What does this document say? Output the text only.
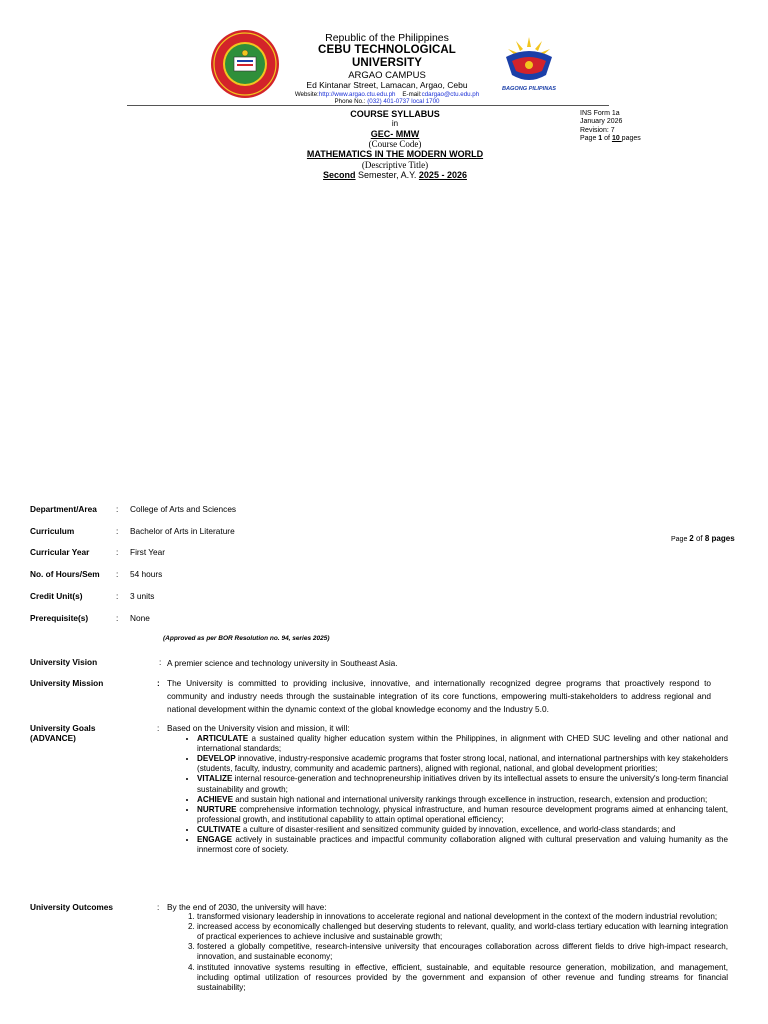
Republic of the Philippines
CEBU TECHNOLOGICAL UNIVERSITY
ARGAO CAMPUS
Ed Kintanar Street, Lamacan, Argao, Cebu
Website:http://www.argao.ctu.edu.ph E-mail:cdargao@ctu.edu.ph
Phone No.: (032) 401-0737 local 1700
BAGONG PILIPINAS
COURSE SYLLABUS
in
GEC- MMW
(Course Code)
MATHEMATICS IN THE MODERN WORLD
(Descriptive Title)
Second Semester, A.Y. 2025 - 2026
INS Form 1a
January 2026
Revision: 7
Page 1 of 10 pages
Page 2 of 8 pages
Department/Area : College of Arts and Sciences
Curriculum	: Bachelor of Arts in Literature
Curricular Year	: First Year
No. of Hours/Sem : 54 hours
Credit Unit(s)	: 3 units
Prerequisite(s)	: None
(Approved as per BOR Resolution no. 94, series 2025)
University Vision	: A premier science and technology university in Southeast Asia.
University Mission	: The University is committed to providing inclusive, innovative, and internationally recognized degree programs that proactively respond to community and industry needs through the sustainable integration of its core functions, empowering multi-stakeholders to address regional and national development within the dynamic context of the global knowledge economy and the Industry 5.0.
University Goals
(ADVANCE)
: Based on the University vision and mission, it will:
• ARTICULATE a sustained quality higher education system within the Philippines, in alignment with CHED SUC leveling and other national and international standards;
• DEVELOP innovative, industry-responsive academic programs that foster strong local, national, and international partnerships with key stakeholders (students, faculty, industry, community and academic partners), aligned with regional, national, and global development priorities;
• VITALIZE internal resource-generation and technopreneurship initiatives driven by its intellectual assets to ensure the university's long-term financial sustainability and growth;
• ACHIEVE and sustain high national and international university rankings through excellence in instruction, research, extension and production;
• NURTURE comprehensive information technology, physical infrastructure, and human resource development programs aimed at enhancing talent, professional growth, and institutional capability to attain optimal operational efficiency;
• CULTIVATE a culture of disaster-resilient and sensitized community guided by innovation, excellence, and world-class standards; and
• ENGAGE actively in sustainable practices and impactful community collaboration aligned with cultural preservation and valuing humanity as the innermost core of society.
University Outcomes	: By the end of 2030, the university will have:
1. transformed visionary leadership in innovations to accelerate regional and national development in the context of the modern industrial revolution;
2. increased access by economically challenged but deserving students to relevant, quality, and world-class tertiary education with learning integration of practical experiences to achieve inclusive and sustainable growth;
3. fostered a globally competitive, research-intensive university that encourages collaboration across different fields to drive high-impact research, innovation, and sustainable economy;
4. instituted innovative systems resulting in effective, efficient, sustainable, and equitable resource generation, mobilization, and management, including optimal utilization of resources provided by the government and expansion of other revenue and funding streams for financial sustainability;
